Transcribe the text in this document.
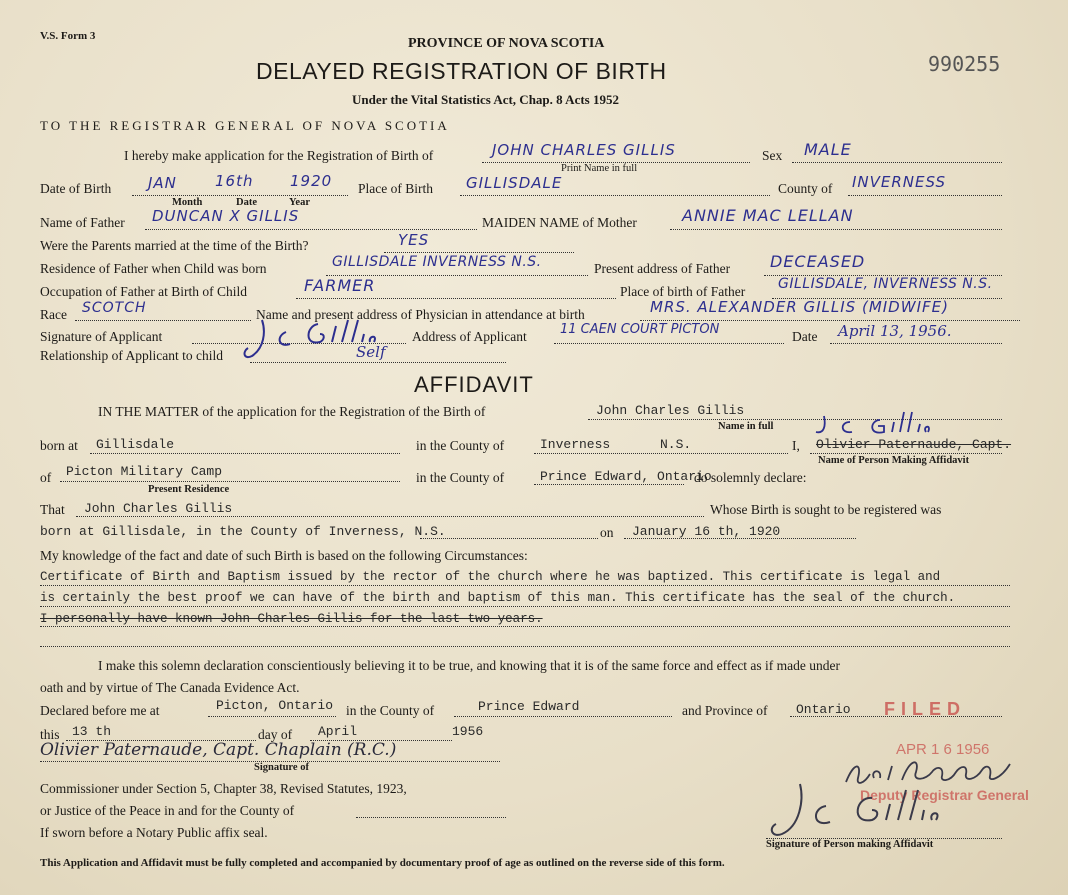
V.S. Form 3	PROVINCE OF NOVA SCOTIA
DELAYED REGISTRATION OF BIRTH
Under the Vital Statistics Act, Chap. 8 Acts 1952
990255
TO THE REGISTRAR GENERAL OF NOVA SCOTIA
I hereby make application for the Registration of Birth of	JOHN CHARLES GILLIS
Print Name in full
Sex MALE
Date of Birth JAN	16th 1920
Month	Date	Year
Place of Birth GILLISDALE	County of INVERNESS
Name of Father DUNCAN X GILLIS	MAIDEN NAME of Mother	ANNIE MAC LELLAN
Were the Parents married at the time of the Birth?	YES
Residence of Father when Child was born	GILLISDALE INVERNESS N.S.	Present address of Father DECEASED
Occupation of Father at Birth of Child	FARMER	Place of birth of Father GILLISDALE, INVERNESS N.S.
Race SCOTCH	Name and present address of Physician in attendance at birth	MRS. ALEXANDER GILLIS (MIDWIFE)
Signature of Applicant	Address of Applicant	11 CAEN COURT PICTON	Date April 13, 1956.
Relationship of Applicant to child	Self
AFFIDAVIT
IN THE MATTER of the application for the Registration of the Birth of	John Charles Gillis
Name in full
born at Gillisdale	in the County of	Inverness	N.S.	I, Olivier Paternaude, Capt.
Name of Person Making Affidavit
of Picton Military Camp
Present Residence
in the County of	Prince Edward, Ontario
do solemnly declare:
That John Charles Gillis	Whose Birth is sought to be registered was
born at Gillisdale, in the County of Inverness, N.S.	on January 16 th, 1920
My knowledge of the fact and date of such Birth is based on the following Circumstances:
Certificate of Birth and Baptism issued by the rector of the church where he was baptized. This certificate is legal and
is certainly the best proof we can have of the birth and baptism of this man. This certificate has the seal of the church.
I personally have known John Charles Gillis for the last two years.
I make this solemn declaration conscientiously believing it to be true, and knowing that it is of the same force and effect as if made under
oath and by virtue of The Canada Evidence Act.
Declared before me at	Picton, Ontario in the County of	Prince Edward	and Province of Ontario
this 13 th	day of April	1956
Olivier Paternaude, Capt. Chaplain (R.C.)
Signature of
Commissioner under Section 5, Chapter 38, Revised Statutes, 1923,
or Justice of the Peace in and for the County of
If sworn before a Notary Public affix seal.
FILED
APR 1 6 1956
Deputy Registrar General
Signature of Person making Affidavit
This Application and Affidavit must be fully completed and accompanied by documentary proof of age as outlined on the reverse side of this form.
